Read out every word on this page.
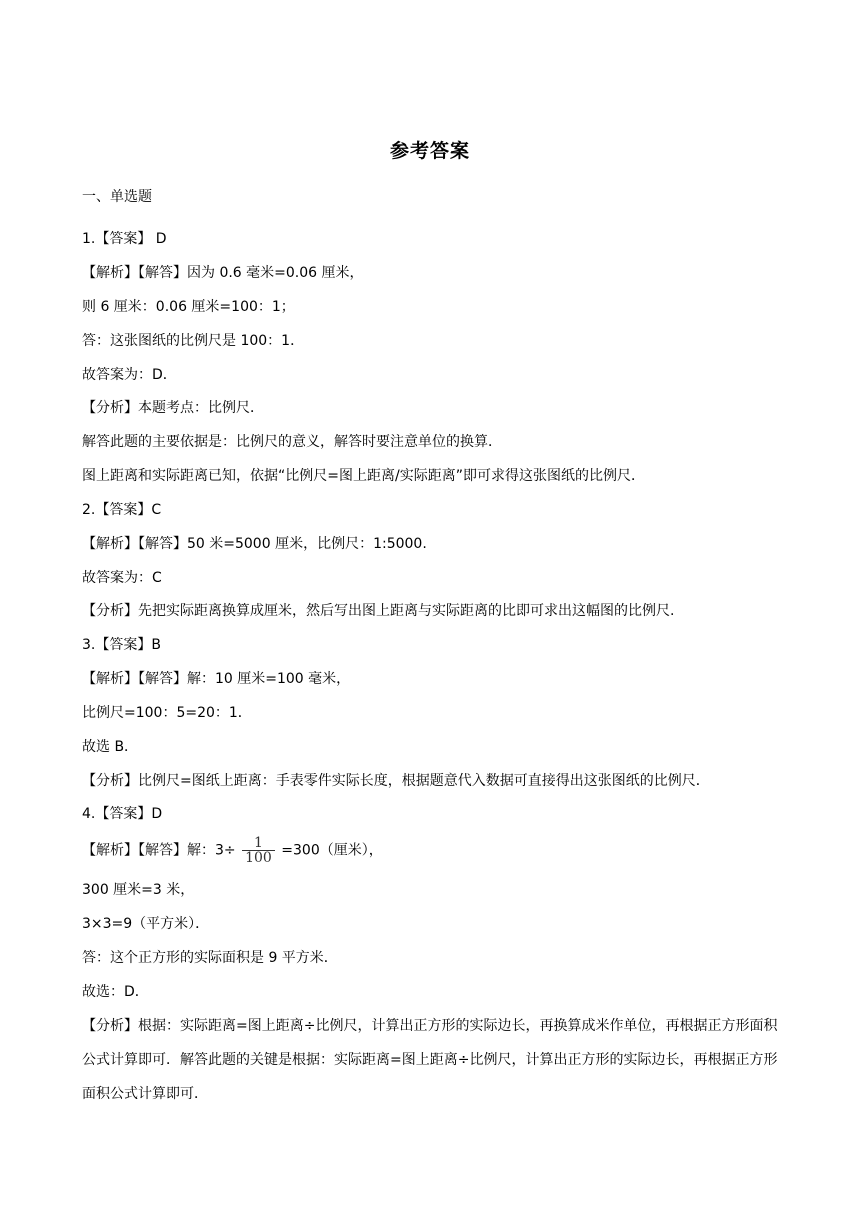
参考答案
一、单选题
1.【答案】 D
【解析】【解答】因为 0.6 毫米=0.06 厘米，
则 6 厘米：0.06 厘米=100：1；
答：这张图纸的比例尺是 100：1．
故答案为：D．
【分析】本题考点：比例尺．
解答此题的主要依据是：比例尺的意义，解答时要注意单位的换算．
图上距离和实际距离已知，依据“比例尺=图上距离/实际距离”即可求得这张图纸的比例尺．
2.【答案】C
【解析】【解答】50 米=5000 厘米，比例尺：1:5000.
故答案为：C
【分析】先把实际距离换算成厘米，然后写出图上距离与实际距离的比即可求出这幅图的比例尺.
3.【答案】B
【解析】【解答】解：10 厘米=100 毫米，
比例尺=100：5=20：1．
故选 B．
【分析】比例尺=图纸上距离：手表零件实际长度，根据题意代入数据可直接得出这张图纸的比例尺．
4.【答案】D
【解析】【解答】解：$3\div \frac{1}{100} =300$（厘米），
300 厘米=3 米，
3×3=9（平方米）．
答：这个正方形的实际面积是 9 平方米．
故选：D．
【分析】根据：实际距离=图上距离÷比例尺，计算出正方形的实际边长，再换算成米作单位，再根据正方形面积公式计算即可．解答此题的关键是根据：实际距离=图上距离÷比例尺，计算出正方形的实际边长，再根据正方形面积公式计算即可．
